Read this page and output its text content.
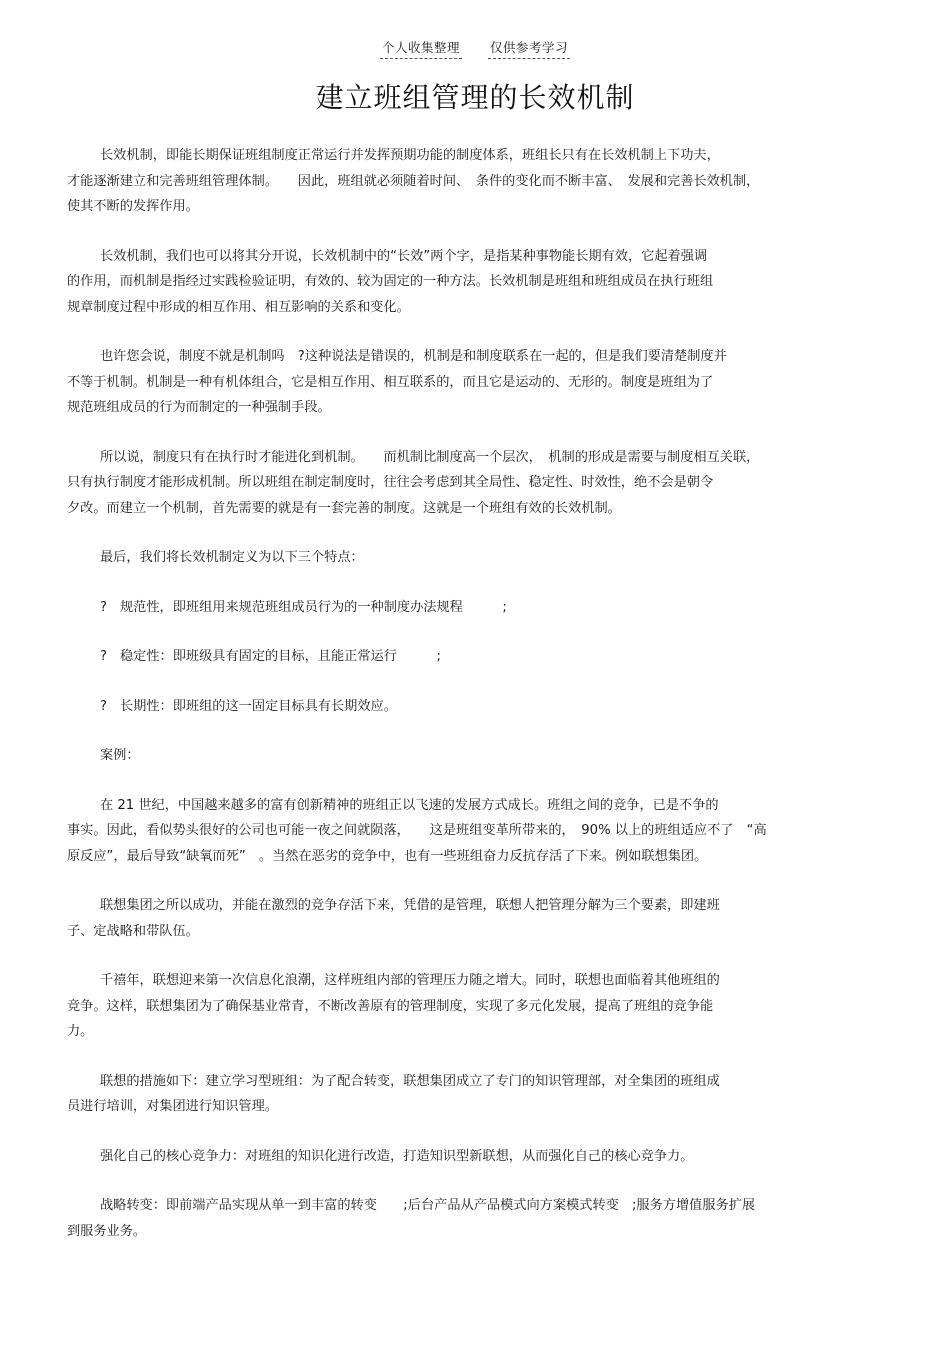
个人收集整理 仅供参考学习
建立班组管理的长效机制
长效机制，即能长期保证班组制度正常运行并发挥预期功能的制度体系，班组长只有在长效机制上下功夫，
才能逐渐建立和完善班组管理体制。　　因此，班组就必须随着时间、　条件的变化而不断丰富、　发展和完善长效机制，
使其不断的发挥作用。
长效机制，我们也可以将其分开说，长效机制中的“长效”两个字，是指某种事物能长期有效，它起着强调
的作用，而机制是指经过实践检验证明，有效的、较为固定的一种方法。长效机制是班组和班组成员在执行班组
规章制度过程中形成的相互作用、相互影响的关系和变化。
也许您会说，制度不就是机制吗　?这种说法是错误的，机制是和制度联系在一起的，但是我们要清楚制度并
不等于机制。机制是一种有机体组合，它是相互作用、相互联系的，而且它是运动的、无形的。制度是班组为了
规范班组成员的行为而制定的一种强制手段。
所以说，制度只有在执行时才能进化到机制。　　而机制比制度高一个层次，　机制的形成是需要与制度相互关联，
只有执行制度才能形成机制。所以班组在制定制度时，往往会考虑到其全局性、稳定性、时效性，绝不会是朝令
夕改。而建立一个机制，首先需要的就是有一套完善的制度。这就是一个班组有效的长效机制。
最后，我们将长效机制定义为以下三个特点：
? 规范性，即班组用来规范班组成员行为的一种制度办法规程　　　;
? 稳定性：即班级具有固定的目标，且能正常运行　　　;
? 长期性：即班组的这一固定目标具有长期效应。
案例：
在 21 世纪，中国越来越多的富有创新精神的班组正以飞速的发展方式成长。班组之间的竞争，已是不争的
事实。因此，看似势头很好的公司也可能一夜之间就陨落，　　这是班组变革所带来的，　90% 以上的班组适应不了　“高
原反应”，最后导致“缺氧而死”　。当然在恶劣的竞争中，也有一些班组奋力反抗存活了下来。例如联想集团。
联想集团之所以成功，并能在激烈的竞争存活下来，凭借的是管理，联想人把管理分解为三个要素，即建班
子、定战略和带队伍。
千禧年，联想迎来第一次信息化浪潮，这样班组内部的管理压力随之增大。同时，联想也面临着其他班组的
竞争。这样，联想集团为了确保基业常青，不断改善原有的管理制度，实现了多元化发展，提高了班组的竞争能
力。
联想的措施如下：建立学习型班组：为了配合转变，联想集团成立了专门的知识管理部，对全集团的班组成
员进行培训，对集团进行知识管理。
强化自己的核心竞争力：对班组的知识化进行改造，打造知识型新联想，从而强化自己的核心竞争力。
战略转变：即前端产品实现从单一到丰富的转变　　;后台产品从产品模式向方案模式转变　;服务方增值服务扩展
到服务业务。
